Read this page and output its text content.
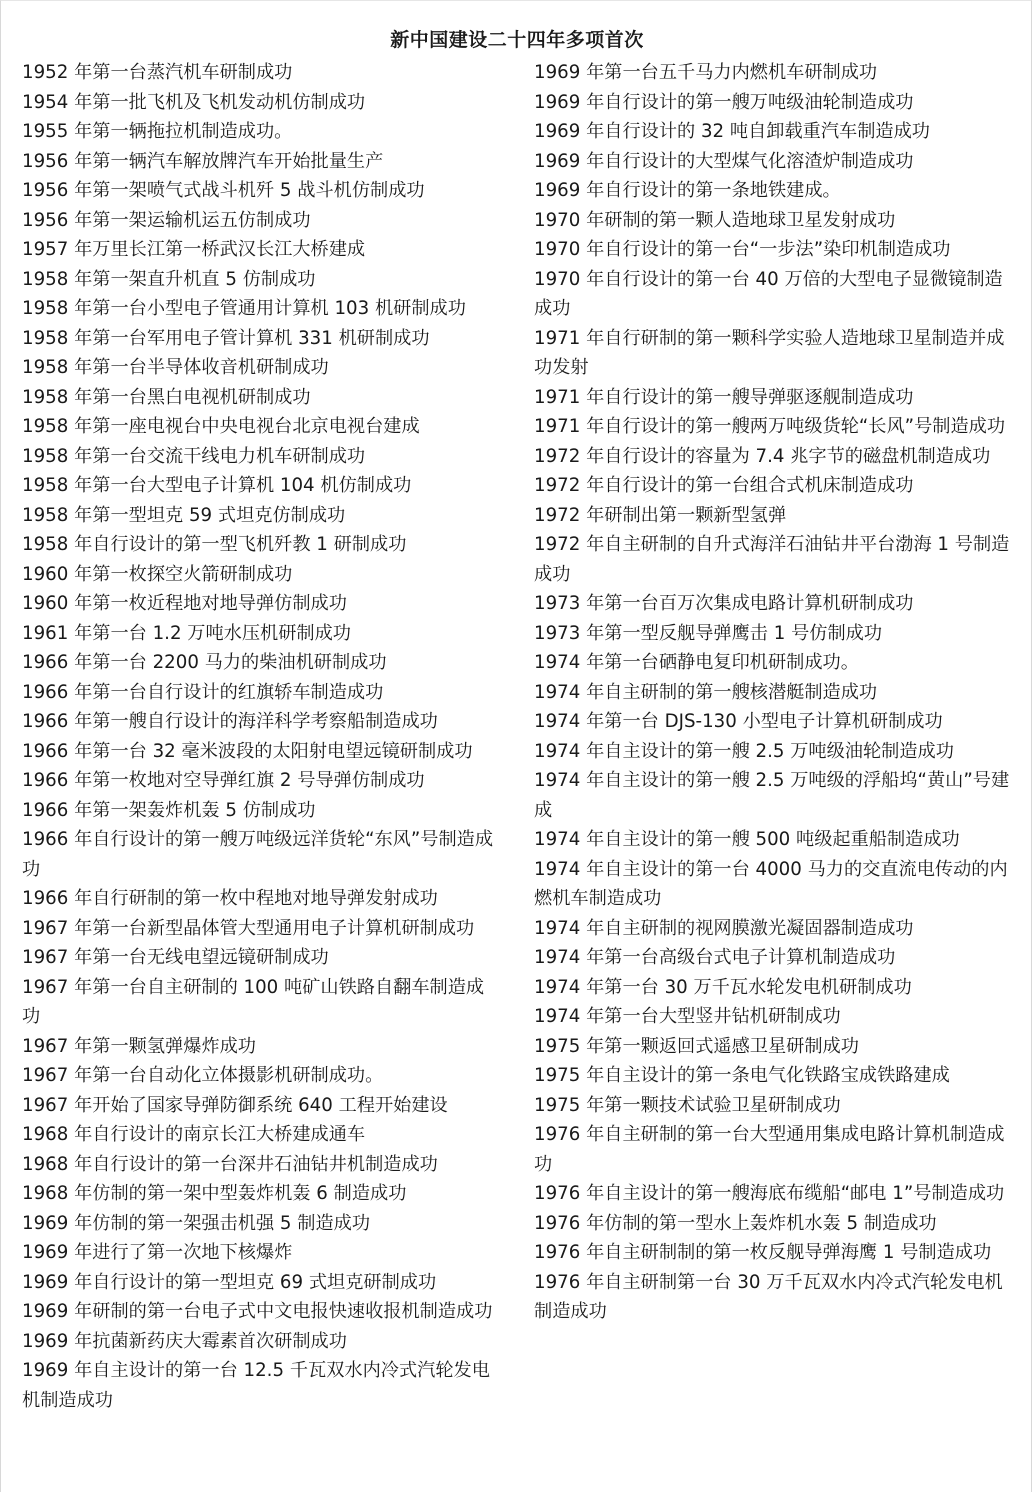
新中国建设二十四年多项首次
1952 年第一台蒸汽机车研制成功
1954 年第一批飞机及飞机发动机仿制成功
1955 年第一辆拖拉机制造成功。
1956 年第一辆汽车解放牌汽车开始批量生产
1956 年第一架喷气式战斗机歼 5 战斗机仿制成功
1956 年第一架运输机运五仿制成功
1957 年万里长江第一桥武汉长江大桥建成
1958 年第一架直升机直 5 仿制成功
1958 年第一台小型电子管通用计算机 103 机研制成功
1958 年第一台军用电子管计算机 331 机研制成功
1958 年第一台半导体收音机研制成功
1958 年第一台黑白电视机研制成功
1958 年第一座电视台中央电视台北京电视台建成
1958 年第一台交流干线电力机车研制成功
1958 年第一台大型电子计算机 104 机仿制成功
1958 年第一型坦克 59 式坦克仿制成功
1958 年自行设计的第一型飞机歼教 1 研制成功
1960 年第一枚探空火箭研制成功
1960 年第一枚近程地对地导弹仿制成功
1961 年第一台 1.2 万吨水压机研制成功
1966 年第一台 2200 马力的柴油机研制成功
1966 年第一台自行设计的红旗轿车制造成功
1966 年第一艘自行设计的海洋科学考察船制造成功
1966 年第一台 32 毫米波段的太阳射电望远镜研制成功
1966 年第一枚地对空导弹红旗 2 号导弹仿制成功
1966 年第一架轰炸机轰 5 仿制成功
1966 年自行设计的第一艘万吨级远洋货轮“东风”号制造成功
1966 年自行研制的第一枚中程地对地导弹发射成功
1967 年第一台新型晶体管大型通用电子计算机研制成功
1967 年第一台无线电望远镜研制成功
1967 年第一台自主研制的 100 吨矿山铁路自翻车制造成功
1967 年第一颗氢弹爆炸成功
1967 年第一台自动化立体摄影机研制成功。
1967 年开始了国家导弹防御系统 640 工程开始建设
1968 年自行设计的南京长江大桥建成通车
1968 年自行设计的第一台深井石油钻井机制造成功
1968 年仿制的第一架中型轰炸机轰 6 制造成功
1969 年仿制的第一架强击机强 5 制造成功
1969 年进行了第一次地下核爆炸
1969 年自行设计的第一型坦克 69 式坦克研制成功
1969 年研制的第一台电子式中文电报快速收报机制造成功
1969 年抗菌新药庆大霉素首次研制成功
1969 年自主设计的第一台 12.5 千瓦双水内冷式汽轮发电机制造成功
1969 年第一台五千马力内燃机车研制成功
1969 年自行设计的第一艘万吨级油轮制造成功
1969 年自行设计的 32 吨自卸载重汽车制造成功
1969 年自行设计的大型煤气化溶渣炉制造成功
1969 年自行设计的第一条地铁建成。
1970 年研制的第一颗人造地球卫星发射成功
1970 年自行设计的第一台“一步法”染印机制造成功
1970 年自行设计的第一台 40 万倍的大型电子显微镜制造成功
1971 年自行研制的第一颗科学实验人造地球卫星制造并成功发射
1971 年自行设计的第一艘导弹驱逐舰制造成功
1971 年自行设计的第一艘两万吨级货轮“长风”号制造成功
1972 年自行设计的容量为 7.4 兆字节的磁盘机制造成功
1972 年自行设计的第一台组合式机床制造成功
1972 年研制出第一颗新型氢弹
1972 年自主研制的自升式海洋石油钻井平台渤海 1 号制造成功
1973 年第一台百万次集成电路计算机研制成功
1973 年第一型反舰导弹鹰击 1 号仿制成功
1974 年第一台硒静电复印机研制成功。
1974 年自主研制的第一艘核潜艇制造成功
1974 年第一台 DJS-130 小型电子计算机研制成功
1974 年自主设计的第一艘 2.5 万吨级油轮制造成功
1974 年自主设计的第一艘 2.5 万吨级的浮船坞“黄山”号建成
1974 年自主设计的第一艘 500 吨级起重船制造成功
1974 年自主设计的第一台 4000 马力的交直流电传动的内燃机车制造成功
1974 年自主研制的视网膜激光凝固器制造成功
1974 年第一台高级台式电子计算机制造成功
1974 年第一台 30 万千瓦水轮发电机研制成功
1974 年第一台大型竖井钻机研制成功
1975 年第一颗返回式遥感卫星研制成功
1975 年自主设计的第一条电气化铁路宝成铁路建成
1975 年第一颗技术试验卫星研制成功
1976 年自主研制的第一台大型通用集成电路计算机制造成功
1976 年自主设计的第一艘海底布缆船“邮电 1”号制造成功
1976 年仿制的第一型水上轰炸机水轰 5 制造成功
1976 年自主研制制的第一枚反舰导弹海鹰 1 号制造成功
1976 年自主研制第一台 30 万千瓦双水内冷式汽轮发电机制造成功
